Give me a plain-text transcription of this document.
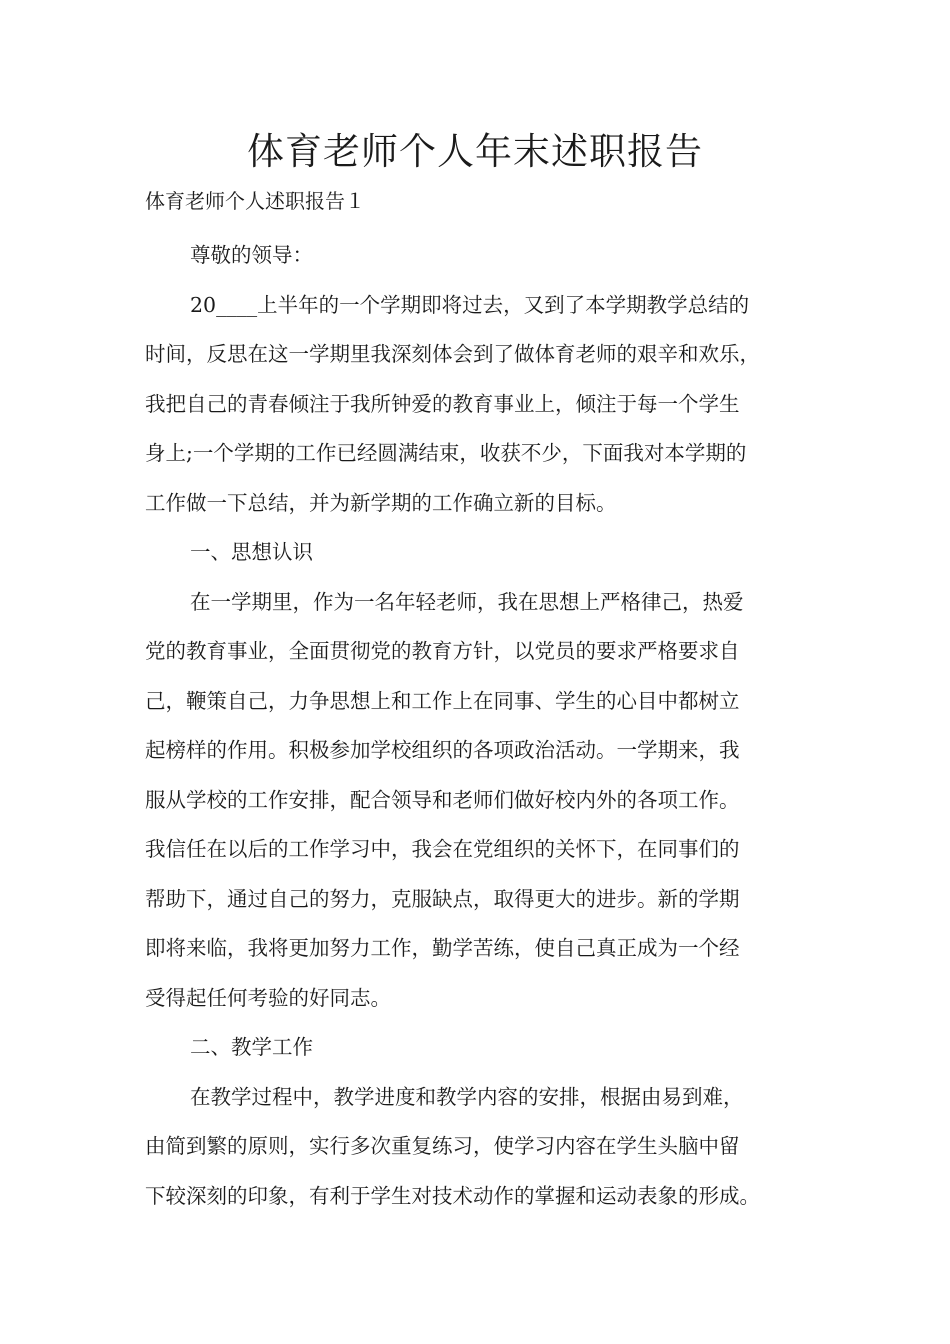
体育老师个人年末述职报告

体育老师个人述职报告１

尊敬的领导：

20____上半年的一个学期即将过去，又到了本学期教学总结的

时间，反思在这一学期里我深刻体会到了做体育老师的艰辛和欢乐，

我把自己的青春倾注于我所钟爱的教育事业上，倾注于每一个学生

身上;一个学期的工作已经圆满结束，收获不少，下面我对本学期的

工作做一下总结，并为新学期的工作确立新的目标。

一、思想认识

在一学期里，作为一名年轻老师，我在思想上严格律己，热爱

党的教育事业，全面贯彻党的教育方针，以党员的要求严格要求自

己，鞭策自己，力争思想上和工作上在同事、学生的心目中都树立

起榜样的作用。积极参加学校组织的各项政治活动。一学期来，我

服从学校的工作安排，配合领导和老师们做好校内外的各项工作。

我信任在以后的工作学习中，我会在党组织的关怀下，在同事们的

帮助下，通过自己的努力，克服缺点，取得更大的进步。新的学期

即将来临，我将更加努力工作，勤学苦练，使自己真正成为一个经

受得起任何考验的好同志。

二、教学工作

在教学过程中，教学进度和教学内容的安排，根据由易到难，

由简到繁的原则，实行多次重复练习，使学习内容在学生头脑中留

下较深刻的印象，有利于学生对技术动作的掌握和运动表象的形成。
